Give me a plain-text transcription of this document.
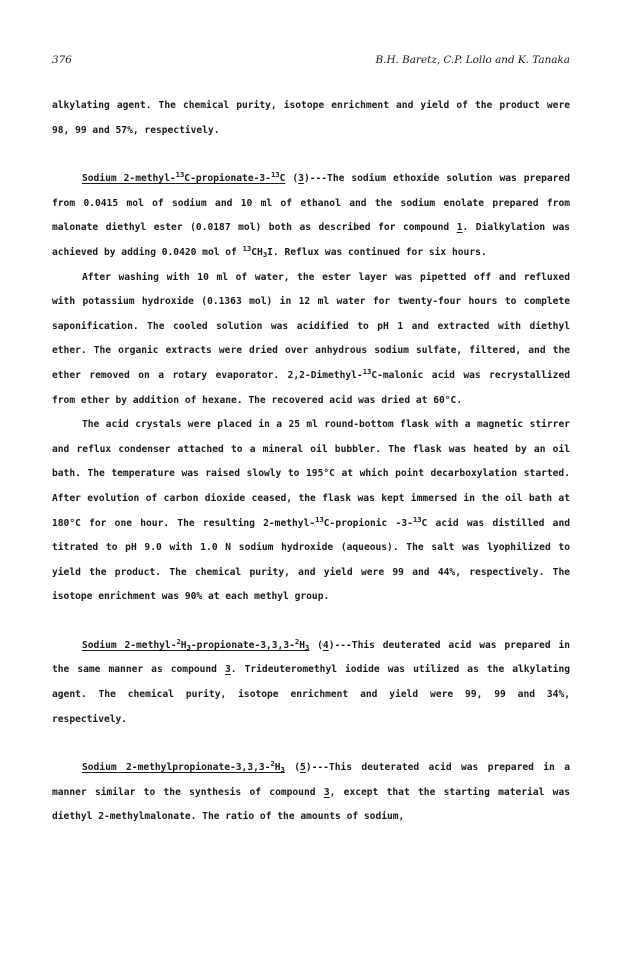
376	B.H. Baretz, C.P. Lollo and K. Tanaka

alkylating agent. The chemical purity, isotope enrichment and yield of the product were 98, 99 and 57%, respectively.

Sodium 2-methyl-$^{13}$C-propionate-3-$^{13}$C (3)---The sodium ethoxide solution was prepared from 0.0415 mol of sodium and 10 ml of ethanol and the sodium enolate prepared from malonate diethyl ester (0.0187 mol) both as described for compound 1. Dialkylation was achieved by adding 0.0420 mol of $^{13}CH_3I$. Reflux was continued for six hours.

After washing with 10 ml of water, the ester layer was pipetted off and refluxed with potassium hydroxide (0.1363 mol) in 12 ml water for twenty-four hours to complete saponification. The cooled solution was acidified to pH 1 and extracted with diethyl ether. The organic extracts were dried over anhydrous sodium sulfate, filtered, and the ether removed on a rotary evaporator. 2,2-Dimethyl-$^{13}$C-malonic acid was recrystallized from ether by addition of hexane. The recovered acid was dried at 60°C.

The acid crystals were placed in a 25 ml round-bottom flask with a magnetic stirrer and reflux condenser attached to a mineral oil bubbler. The flask was heated by an oil bath. The temperature was raised slowly to 195°C at which point decarboxylation started. After evolution of carbon dioxide ceased, the flask was kept immersed in the oil bath at 180°C for one hour. The resulting 2-methyl-$^{13}$C-propionic -3-$^{13}$C acid was distilled and titrated to pH 9.0 with 1.0 N sodium hydroxide (aqueous). The salt was lyophilized to yield the product. The chemical purity, and yield were 99 and 44%, respectively. The isotope enrichment was 90% at each methyl group.

Sodium $2-methyl-^2H_3-propionate-3,3,3-^2H_3$ (4)---This deuterated acid was prepared in the same manner as compound 3. Trideuteromethyl iodide was utilized as the alkylating agent. The chemical purity, isotope enrichment and yield were 99, 99 and 34%, respectively.

Sodium $2-methylpropionate-3,3,3-^2H_3$ (5)---This deuterated acid was prepared in a manner similar to the synthesis of compound 3, except that the starting material was diethyl 2-methylmalonate. The ratio of the amounts of sodium,
